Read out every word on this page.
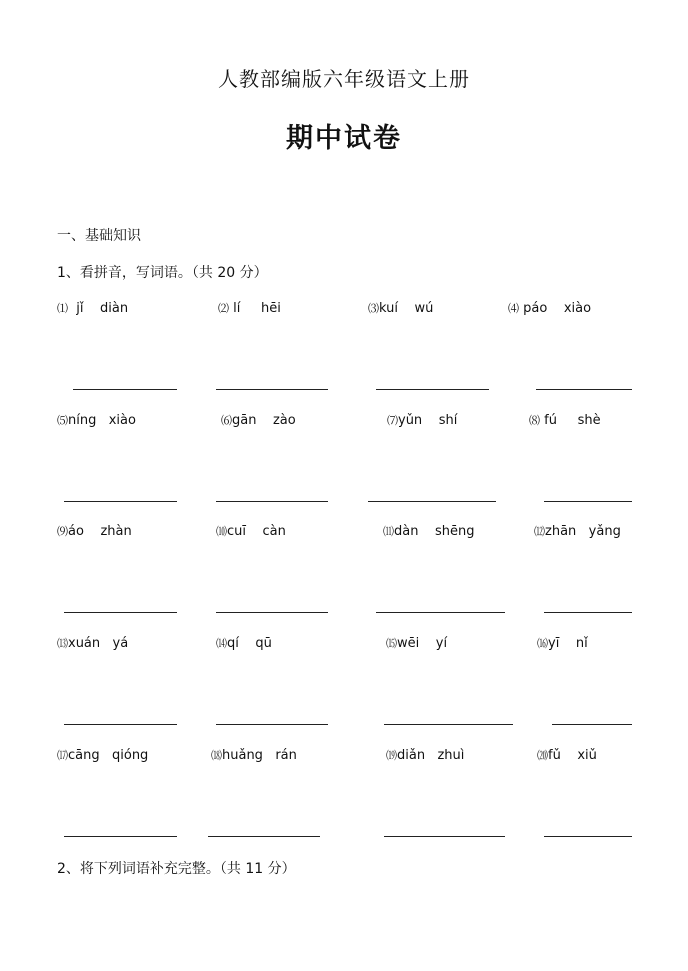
人教部编版六年级语文上册
期中试卷
一、基础知识
1、看拼音，写词语。（共 20 分）
⑴ jǐ    diàn	⑵ lí     hēi	⑶kuí    wú	⑷ páo    xiào
⑸níng   xiào	⑹gān    zào	⑺yǔn    shí	⑻ fú     shè
⑼áo    zhàn	⑽cuī    càn	⑾dàn    shēng	⑿zhān   yǎng
⒀xuán   yá	⒁qí    qū	⒂wēi    yí	⒃yī    nǐ
⒄cāng   qióng	⒅huǎng   rán	⒆diǎn   zhuì	⒇fǔ    xiǔ
2、将下列词语补充完整。（共 11 分）
